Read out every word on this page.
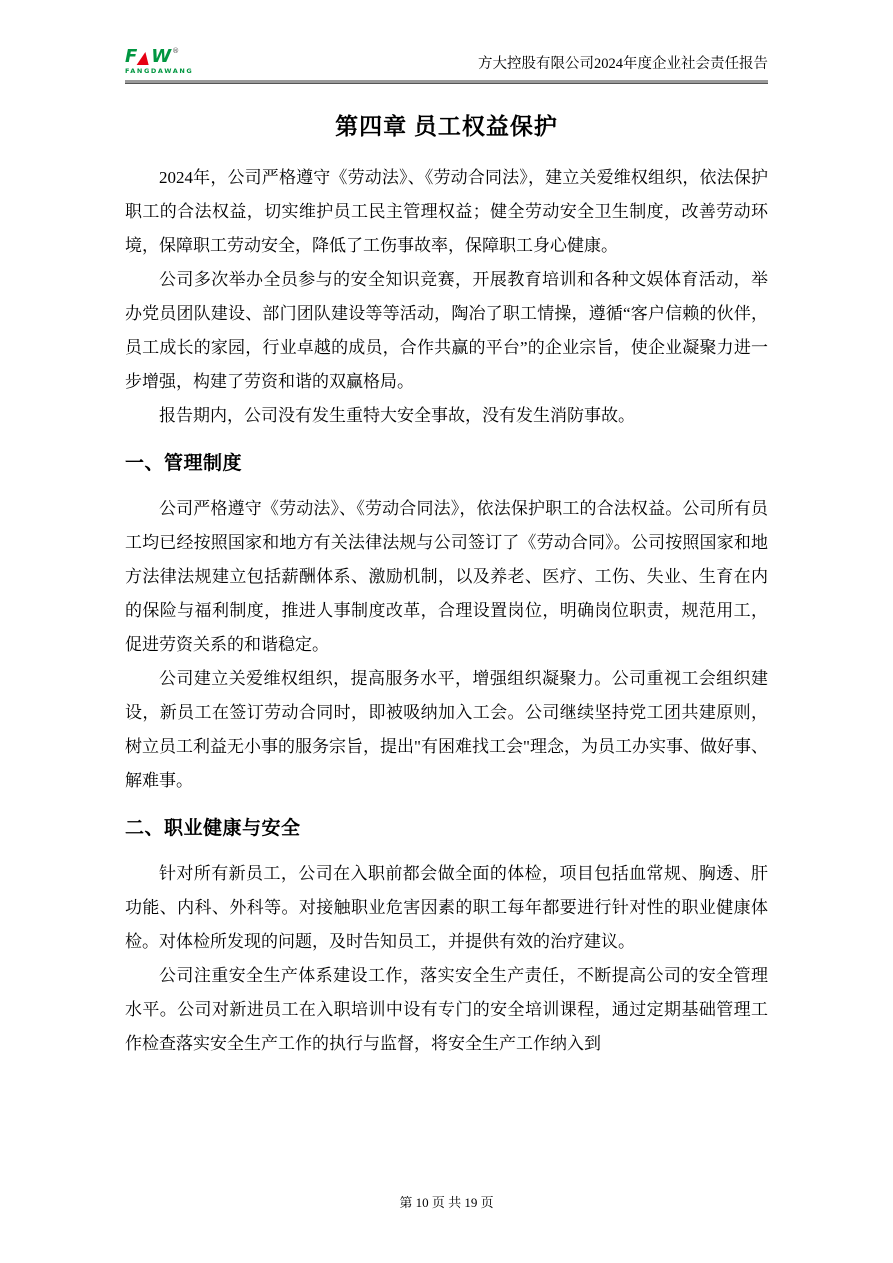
F W ®
FANGDAWANG	方大控股有限公司2024年度企业社会责任报告
第四章 员工权益保护

2024年，公司严格遵守《劳动法》、《劳动合同法》，建立关爱维权组织，依法保护职工的合法权益，切实维护员工民主管理权益；健全劳动安全卫生制度，改善劳动环境，保障职工劳动安全，降低了工伤事故率，保障职工身心健康。

公司多次举办全员参与的安全知识竞赛，开展教育培训和各种文娱体育活动，举办党员团队建设、部门团队建设等等活动，陶冶了职工情操，遵循“客户信赖的伙伴，员工成长的家园，行业卓越的成员，合作共赢的平台”的企业宗旨，使企业凝聚力进一步增强，构建了劳资和谐的双赢格局。

报告期内，公司没有发生重特大安全事故，没有发生消防事故。

一、管理制度

公司严格遵守《劳动法》、《劳动合同法》，依法保护职工的合法权益。公司所有员工均已经按照国家和地方有关法律法规与公司签订了《劳动合同》。公司按照国家和地方法律法规建立包括薪酬体系、激励机制，以及养老、医疗、工伤、失业、生育在内的保险与福利制度，推进人事制度改革，合理设置岗位，明确岗位职责，规范用工，促进劳资关系的和谐稳定。

公司建立关爱维权组织，提高服务水平，增强组织凝聚力。公司重视工会组织建设，新员工在签订劳动合同时，即被吸纳加入工会。公司继续坚持党工团共建原则，树立员工利益无小事的服务宗旨，提出"有困难找工会"理念，为员工办实事、做好事、解难事。

二、职业健康与安全

针对所有新员工，公司在入职前都会做全面的体检，项目包括血常规、胸透、肝功能、内科、外科等。对接触职业危害因素的职工每年都要进行针对性的职业健康体检。对体检所发现的问题，及时告知员工，并提供有效的治疗建议。

公司注重安全生产体系建设工作，落实安全生产责任，不断提高公司的安全管理水平。公司对新进员工在入职培训中设有专门的安全培训课程，通过定期基础管理工作检查落实安全生产工作的执行与监督，将安全生产工作纳入到

第 10 页 共 19 页
